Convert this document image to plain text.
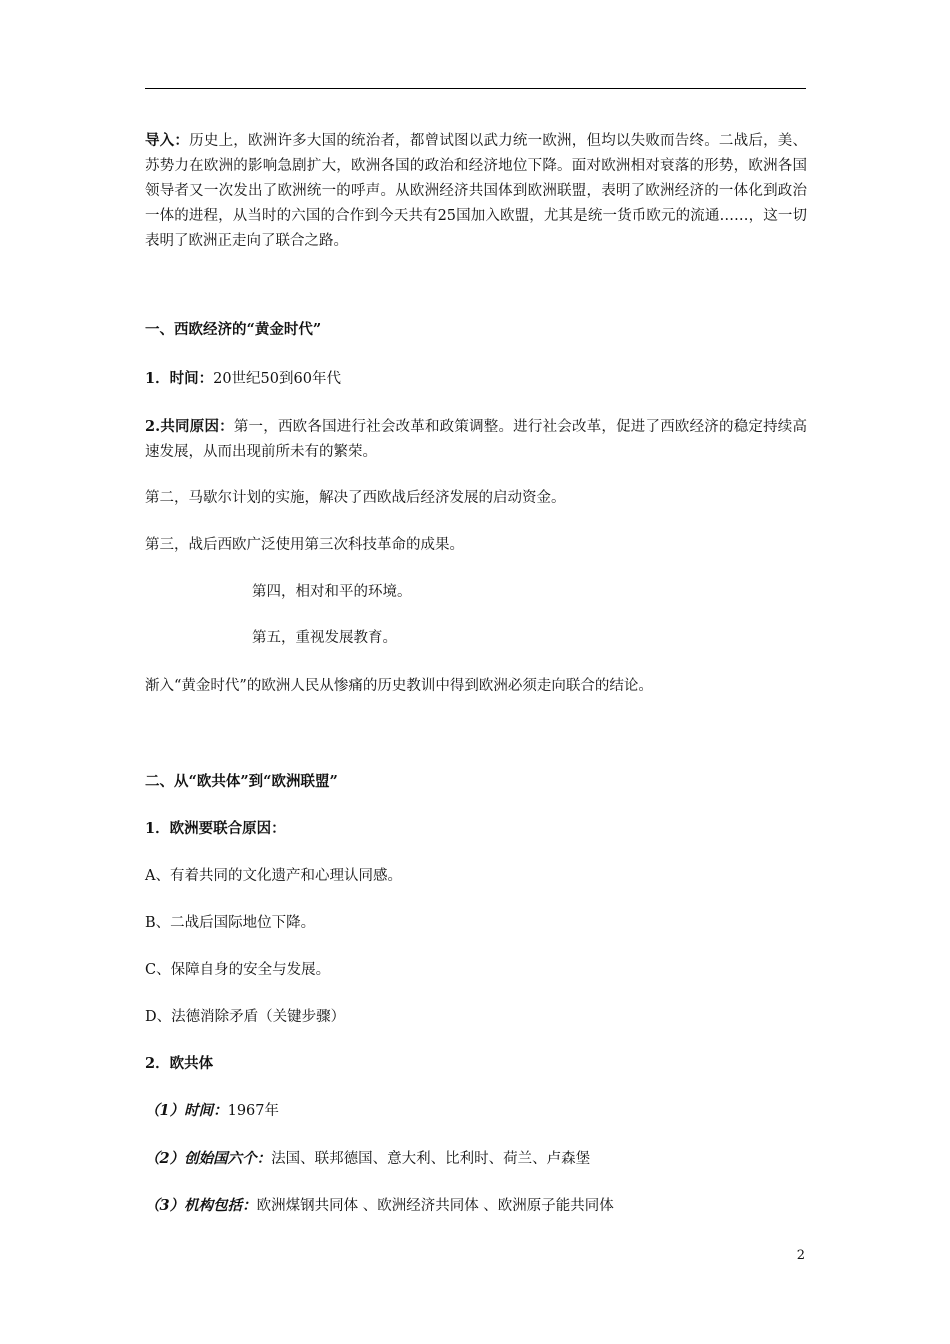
导入：历史上，欧洲许多大国的统治者，都曾试图以武力统一欧洲，但均以失败而告终。二战后，美、苏势力在欧洲的影响急剧扩大，欧洲各国的政治和经济地位下降。面对欧洲相对衰落的形势，欧洲各国领导者又一次发出了欧洲统一的呼声。从欧洲经济共国体到欧洲联盟，表明了欧洲经济的一体化到政治一体的进程，从当时的六国的合作到今天共有25国加入欧盟，尤其是统一货币欧元的流通……，这一切表明了欧洲正走向了联合之路。
一、西欧经济的“黄金时代”
1．时间：20世纪50到60年代
2.共同原因：第一，西欧各国进行社会改革和政策调整。进行社会改革，促进了西欧经济的稳定持续高速发展，从而出现前所未有的繁荣。
第二，马歇尔计划的实施，解决了西欧战后经济发展的启动资金。
第三，战后西欧广泛使用第三次科技革命的成果。
第四，相对和平的环境。
第五，重视发展教育。
渐入“黄金时代”的欧洲人民从惨痛的历史教训中得到欧洲必须走向联合的结论。
二、从“欧共体”到“欧洲联盟”
1．欧洲要联合原因：
A、有着共同的文化遗产和心理认同感。
B、二战后国际地位下降。
C、保障自身的安全与发展。
D、法德消除矛盾（关键步骤）
2．欧共体
（1）时间：1967年
（2）创始国六个：法国、联邦德国、意大利、比利时、荷兰、卢森堡
（3）机构包括：欧洲煤钢共同体 、欧洲经济共同体 、欧洲原子能共同体
2
